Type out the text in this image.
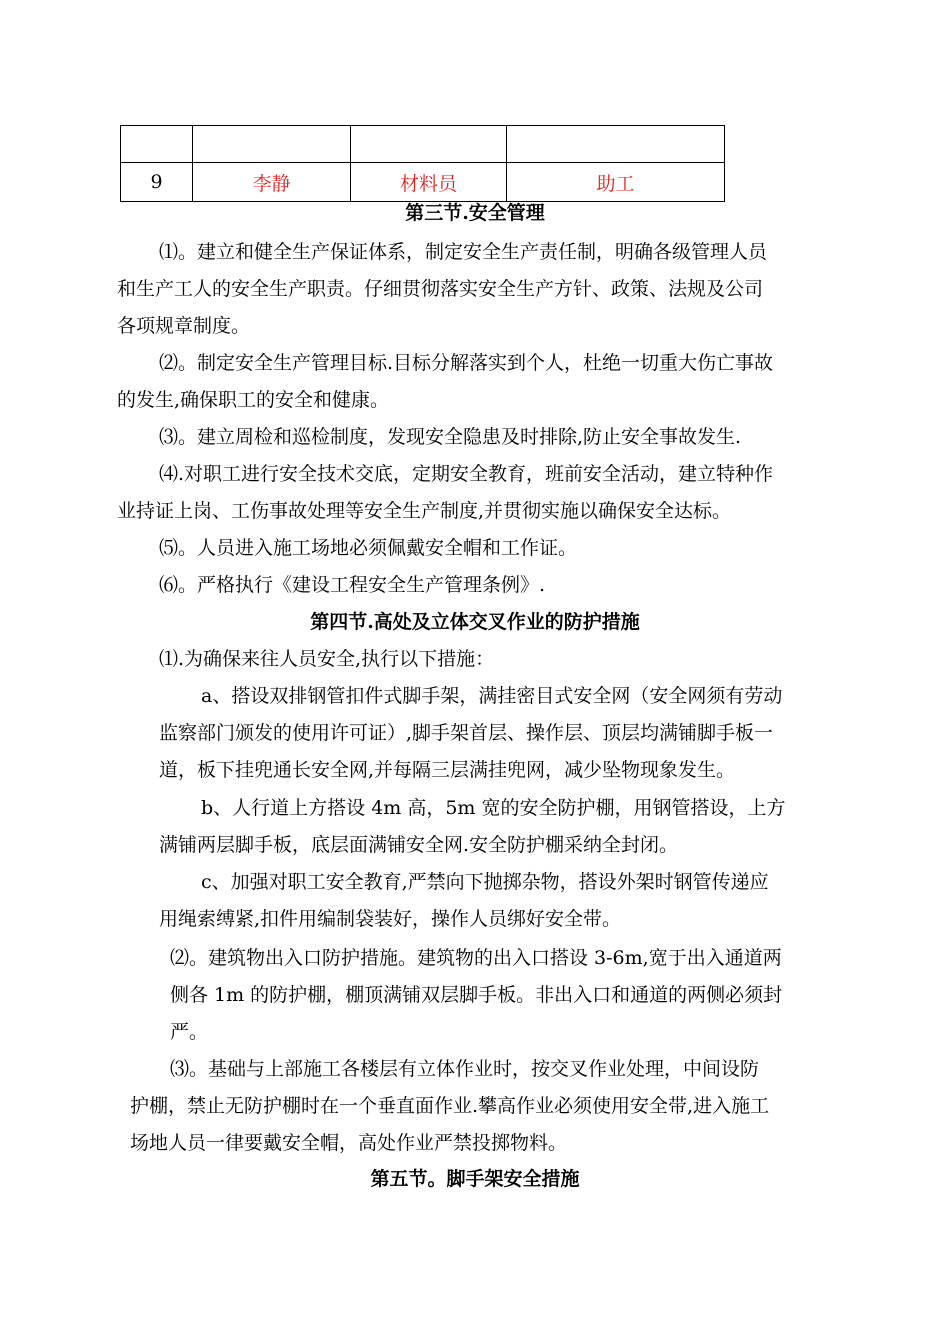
9	李静	材料员	助工
第三节.安全管理
⑴。建立和健全生产保证体系，制定安全生产责任制，明确各级管理人员
和生产工人的安全生产职责。仔细贯彻落实安全生产方针、政策、法规及公司
各项规章制度。
⑵。制定安全生产管理目标.目标分解落实到个人，杜绝一切重大伤亡事故
的发生,确保职工的安全和健康。
⑶。建立周检和巡检制度，发现安全隐患及时排除,防止安全事故发生.
⑷.对职工进行安全技术交底，定期安全教育，班前安全活动，建立特种作
业持证上岗、工伤事故处理等安全生产制度,并贯彻实施以确保安全达标。
⑸。人员进入施工场地必须佩戴安全帽和工作证。
⑹。严格执行《建设工程安全生产管理条例》.
第四节.高处及立体交叉作业的防护措施
⑴.为确保来往人员安全,执行以下措施：
a、搭设双排钢管扣件式脚手架，满挂密目式安全网（安全网须有劳动
监察部门颁发的使用许可证）,脚手架首层、操作层、顶层均满铺脚手板一
道，板下挂兜通长安全网,并每隔三层满挂兜网，减少坠物现象发生。
b、人行道上方搭设 4m 高，5m 宽的安全防护棚，用钢管搭设，上方
满铺两层脚手板，底层面满铺安全网.安全防护棚采纳全封闭。
c、加强对职工安全教育,严禁向下抛掷杂物，搭设外架时钢管传递应
用绳索缚紧,扣件用编制袋装好，操作人员绑好安全带。
⑵。建筑物出入口防护措施。建筑物的出入口搭设 3-6m,宽于出入通道两
侧各 1m 的防护棚，棚顶满铺双层脚手板。非出入口和通道的两侧必须封
严。
⑶。基础与上部施工各楼层有立体作业时，按交叉作业处理，中间设防
护棚，禁止无防护棚时在一个垂直面作业.攀高作业必须使用安全带,进入施工
场地人员一律要戴安全帽，高处作业严禁投掷物料。
第五节。脚手架安全措施
